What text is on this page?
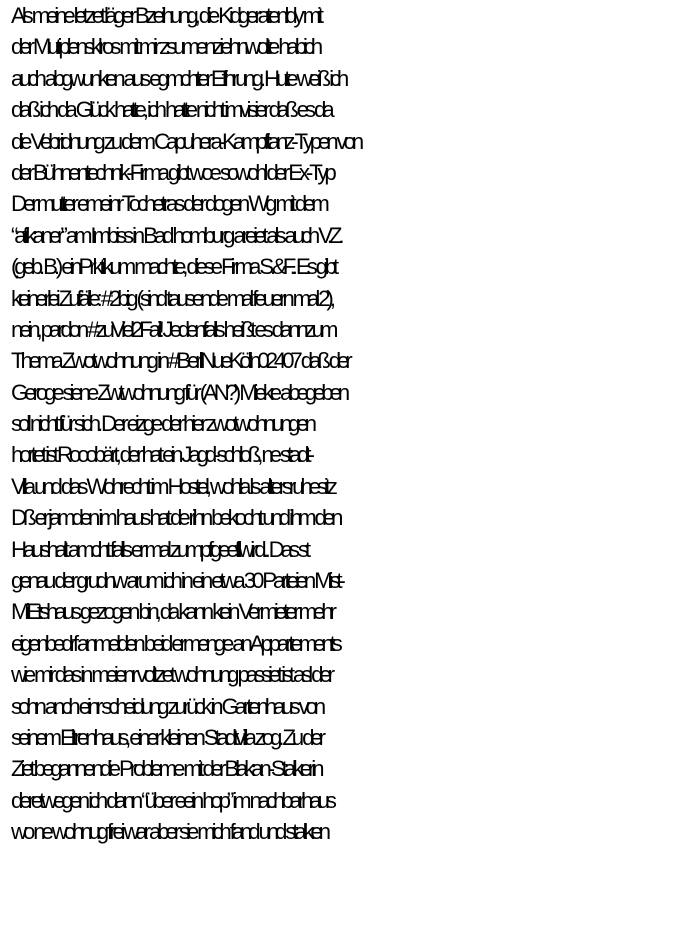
Als meine letzet läger Bzeihung, die Kidgeratenldy mit
der Mutiplensklros mit mir zsumenziehnwolte habich
auch abgwunken aus egmchter Efhrung. Hute weiß ich
daß ich da Glück hatte, ich hatte nicht imvisier daß es da
die Vebridnung zu dem Capuhera-Kampftanz-Typen von
der Bühnentechnik-Firma gibt woe sowohl der Ex-Typ
Der mutter emeinr Tochetras der dogen Wg mit dem
“afikaner” am Imbiss in Bad homburg areiet als auch V.Z.
(geb. B.) einPrktikum machte, diese Firma S.&F.. Es gibt
keinerlei Zufälle: #2big (sind tausende mal feuern mal 2),
nein, pardon #zuViel2Fail! Jedenfalls heißt es dannzum
Thema Zwotwohnung in #BerliNueKölln02407 daß der
Geroge siene Zwtwohnung für (AN?) Mieke abegeben
soll nicht für sich. Der eizge der hier zwotwohnungen
hortet ist Rooobärt, der hat ein Jagd-schloß, ne stadt-
Villa und das Wohrecht im Hostel, wohla ls altersruhesitz
Dß er jamden im haus hat de rihn bekocht und ihm den
Haushalt amcht falls er mal zumpfgeefllwird.. Das st
genau der grudnw arum ich in ein etwa 30 Parteien Mist-
MiEtshaus gezogen bin, da kann kein Vermieter mehr
eigenbedrf anmelden beid ermenge an Appartements
wie mir das in meienr voltzet wohnung passiet ist asl der
sohn anch einr scheidung zurück in Gartenhaus von
seinem Eltrenhaus, einer kleinen Stadtvilla zog. Zu der
Ziet begannendie Probleme mit der Blakan-Stalkerin
deretwegen ich dann “über eein hop” im nachbarhaus
wo ne wohnug frei war aber sie mich fand und stalken
